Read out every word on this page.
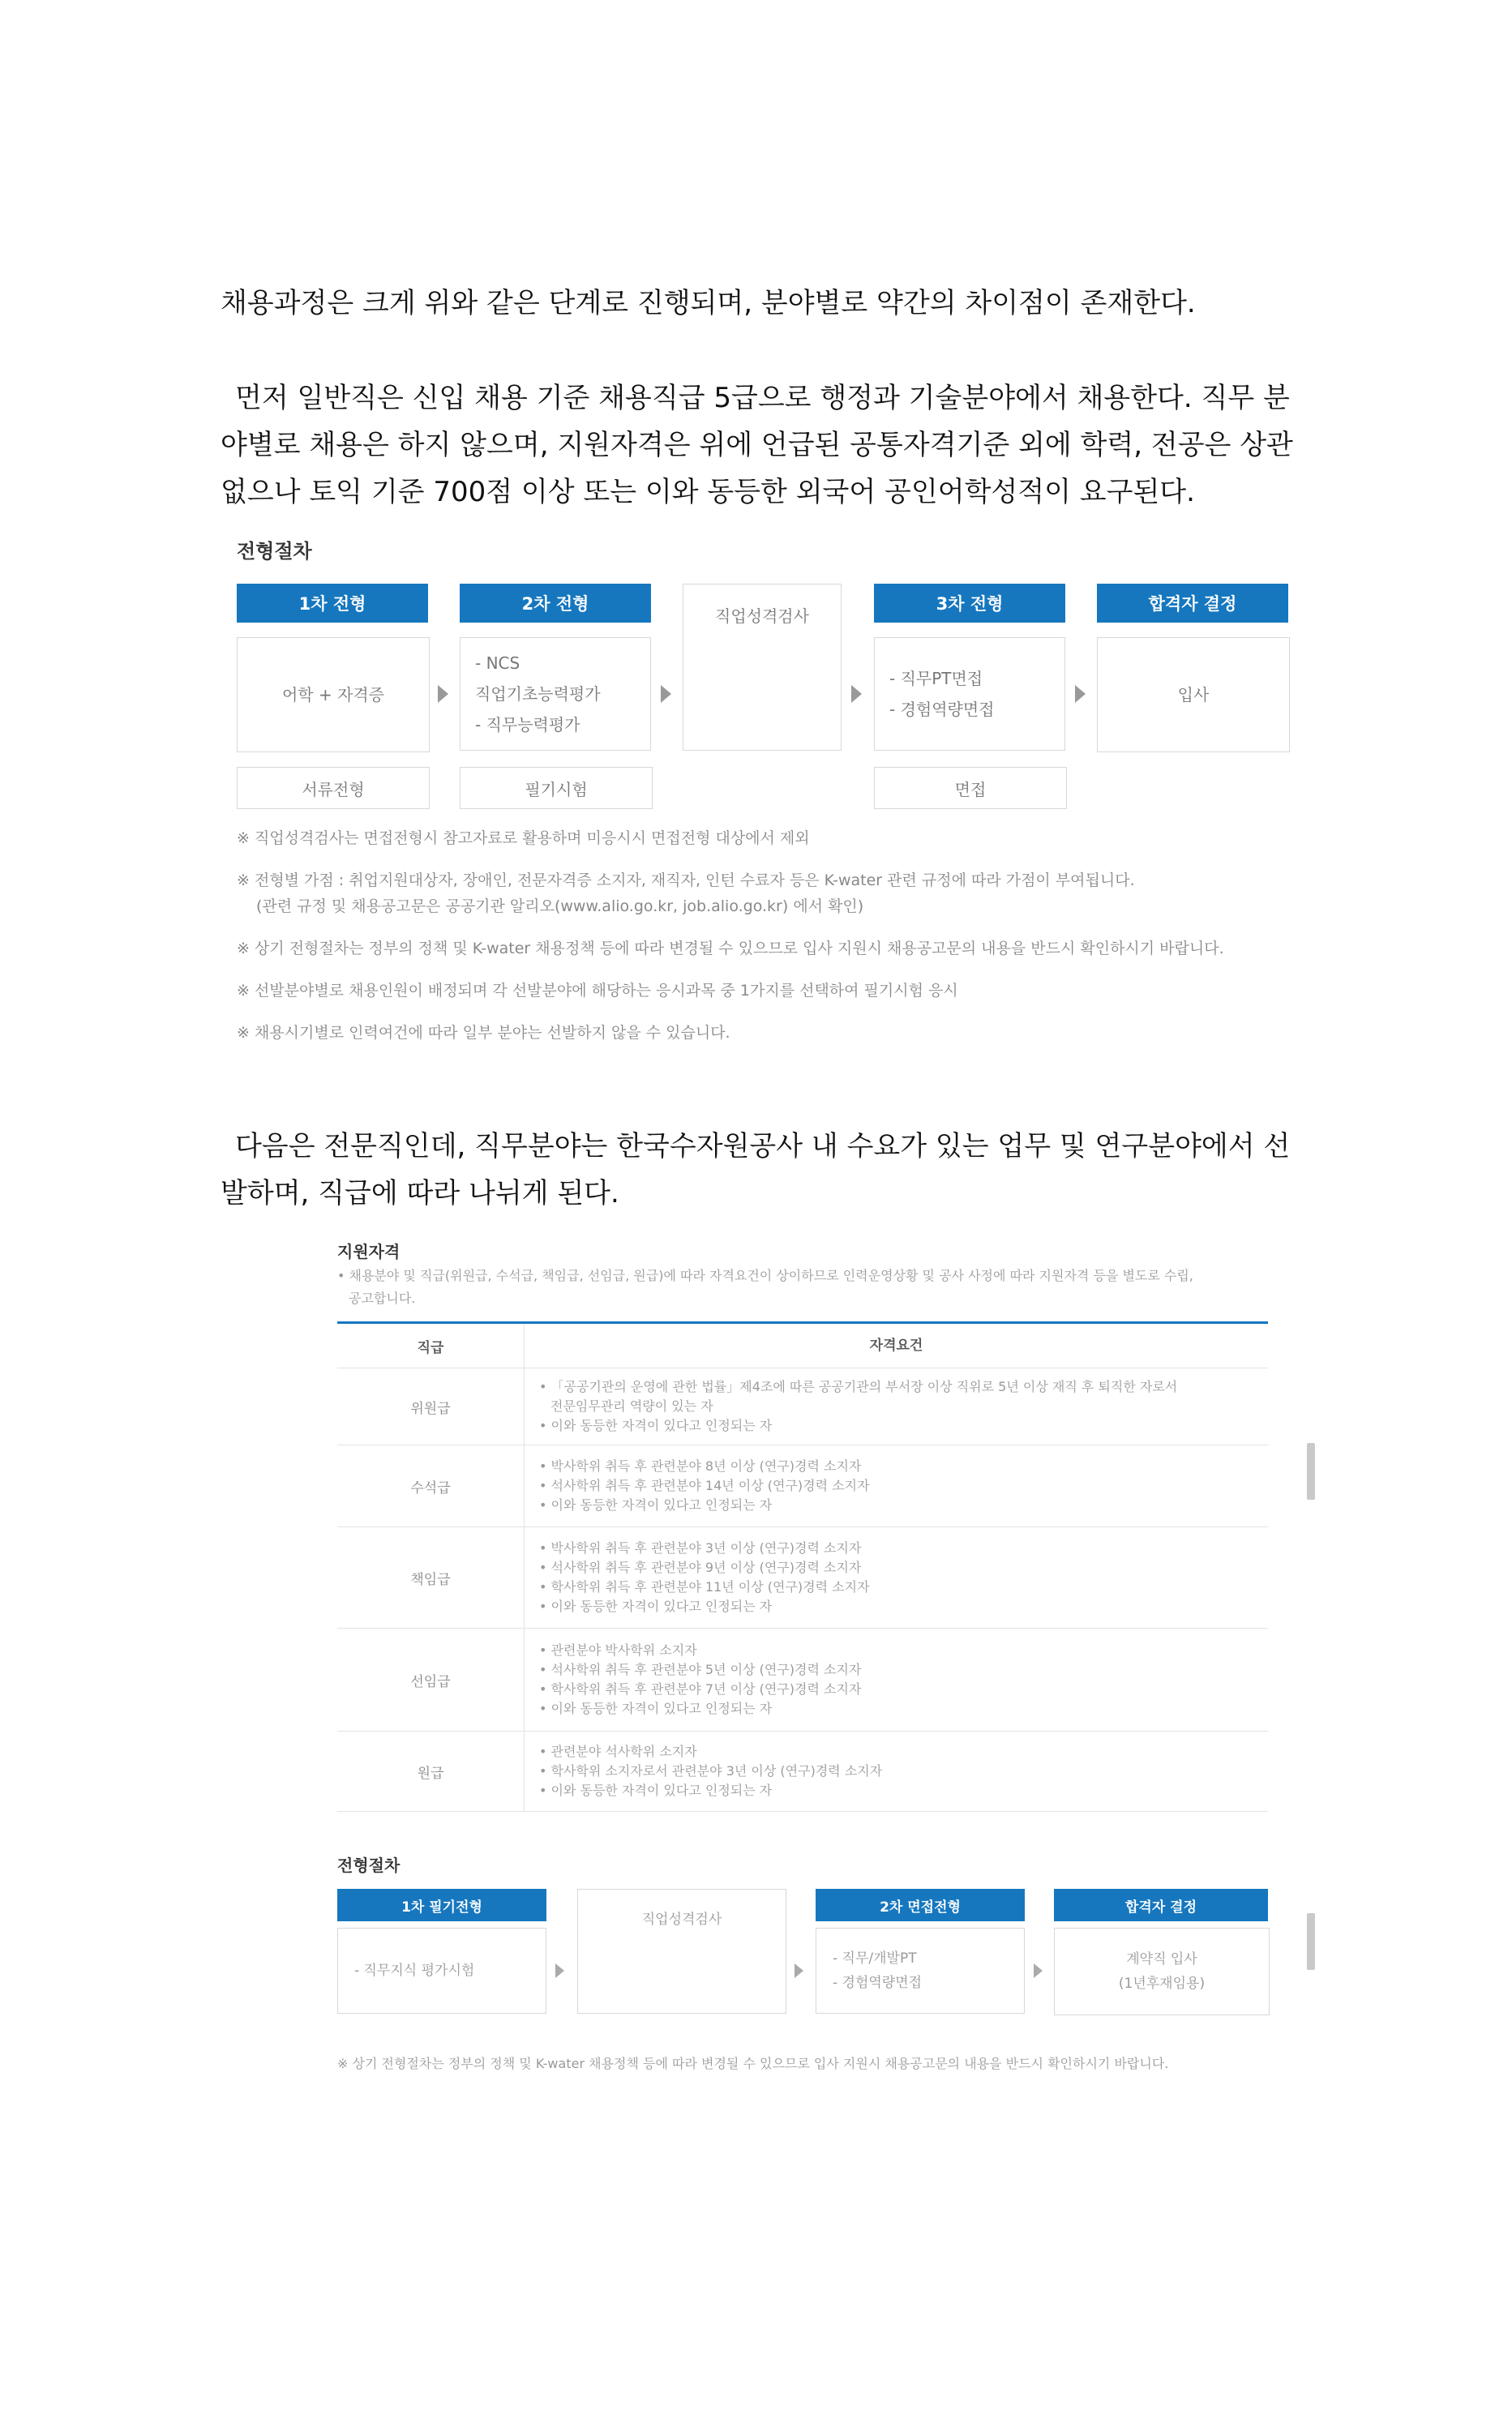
채용과정은 크게 위와 같은 단계로 진행되며, 분야별로 약간의 차이점이 존재한다.

먼저 일반직은 신입 채용 기준 채용직급 5급으로 행정과 기술분야에서 채용한다. 직무 분야별로 채용은 하지 않으며, 지원자격은 위에 언급된 공통자격기준 외에 학력, 전공은 상관없으나 토익 기준 700점 이상 또는 이와 동등한 외국어 공인어학성적이 요구된다.

전형절차
1차 전형	2차 전형	3차 전형	합격자 결정
어학 + 자격증
- NCS
직업기초능력평가
- 직무능력평가
직업성격검사
- 직무PT면접
- 경험역량면접
입사
서류전형	필기시험	면접
※ 직업성격검사는 면접전형시 참고자료로 활용하며 미응시시 면접전형 대상에서 제외
※ 전형별 가점 : 취업지원대상자, 장애인, 전문자격증 소지자, 재직자, 인턴 수료자 등은 K-water 관련 규정에 따라 가점이 부여됩니다.
(관련 규정 및 채용공고문은 공공기관 알리오(www.alio.go.kr, job.alio.go.kr) 에서 확인)
※ 상기 전형절차는 정부의 정책 및 K-water 채용정책 등에 따라 변경될 수 있으므로 입사 지원시 채용공고문의 내용을 반드시 확인하시기 바랍니다.
※ 선발분야별로 채용인원이 배정되며 각 선발분야에 해당하는 응시과목 중 1가지를 선택하여 필기시험 응시
※ 채용시기별로 인력여건에 따라 일부 분야는 선발하지 않을 수 있습니다.

다음은 전문직인데, 직무분야는 한국수자원공사 내 수요가 있는 업무 및 연구분야에서 선발하며, 직급에 따라 나뉘게 된다.

지원자격
• 채용분야 및 직급(위원급, 수석급, 책임급, 선임급, 원급)에 따라 자격요건이 상이하므로 인력운영상황 및 공사 사정에 따라 지원자격 등을 별도로 수립,
공고합니다.
직급	자격요건
위원급
• 「공공기관의 운영에 관한 법률」제4조에 따른 공공기관의 부서장 이상 직위로 5년 이상 재직 후 퇴직한 자로서
전문임무관리 역량이 있는 자
• 이와 동등한 자격이 있다고 인정되는 자
수석급
• 박사학위 취득 후 관련분야 8년 이상 (연구)경력 소지자
• 석사학위 취득 후 관련분야 14년 이상 (연구)경력 소지자
• 이와 동등한 자격이 있다고 인정되는 자
책임급
• 박사학위 취득 후 관련분야 3년 이상 (연구)경력 소지자
• 석사학위 취득 후 관련분야 9년 이상 (연구)경력 소지자
• 학사학위 취득 후 관련분야 11년 이상 (연구)경력 소지자
• 이와 동등한 자격이 있다고 인정되는 자
선임급
• 관련분야 박사학위 소지자
• 석사학위 취득 후 관련분야 5년 이상 (연구)경력 소지자
• 학사학위 취득 후 관련분야 7년 이상 (연구)경력 소지자
• 이와 동등한 자격이 있다고 인정되는 자
원급
• 관련분야 석사학위 소지자
• 학사학위 소지자로서 관련분야 3년 이상 (연구)경력 소지자
• 이와 동등한 자격이 있다고 인정되는 자
전형절차
1차 필기전형	2차 면접전형	합격자 결정
- 직무지식 평가시험
직업성격검사
- 직무/개발PT
- 경험역량면접
계약직 입사
(1년후재임용)
※ 상기 전형절차는 정부의 정책 및 K-water 채용정책 등에 따라 변경될 수 있으므로 입사 지원시 채용공고문의 내용을 반드시 확인하시기 바랍니다.
